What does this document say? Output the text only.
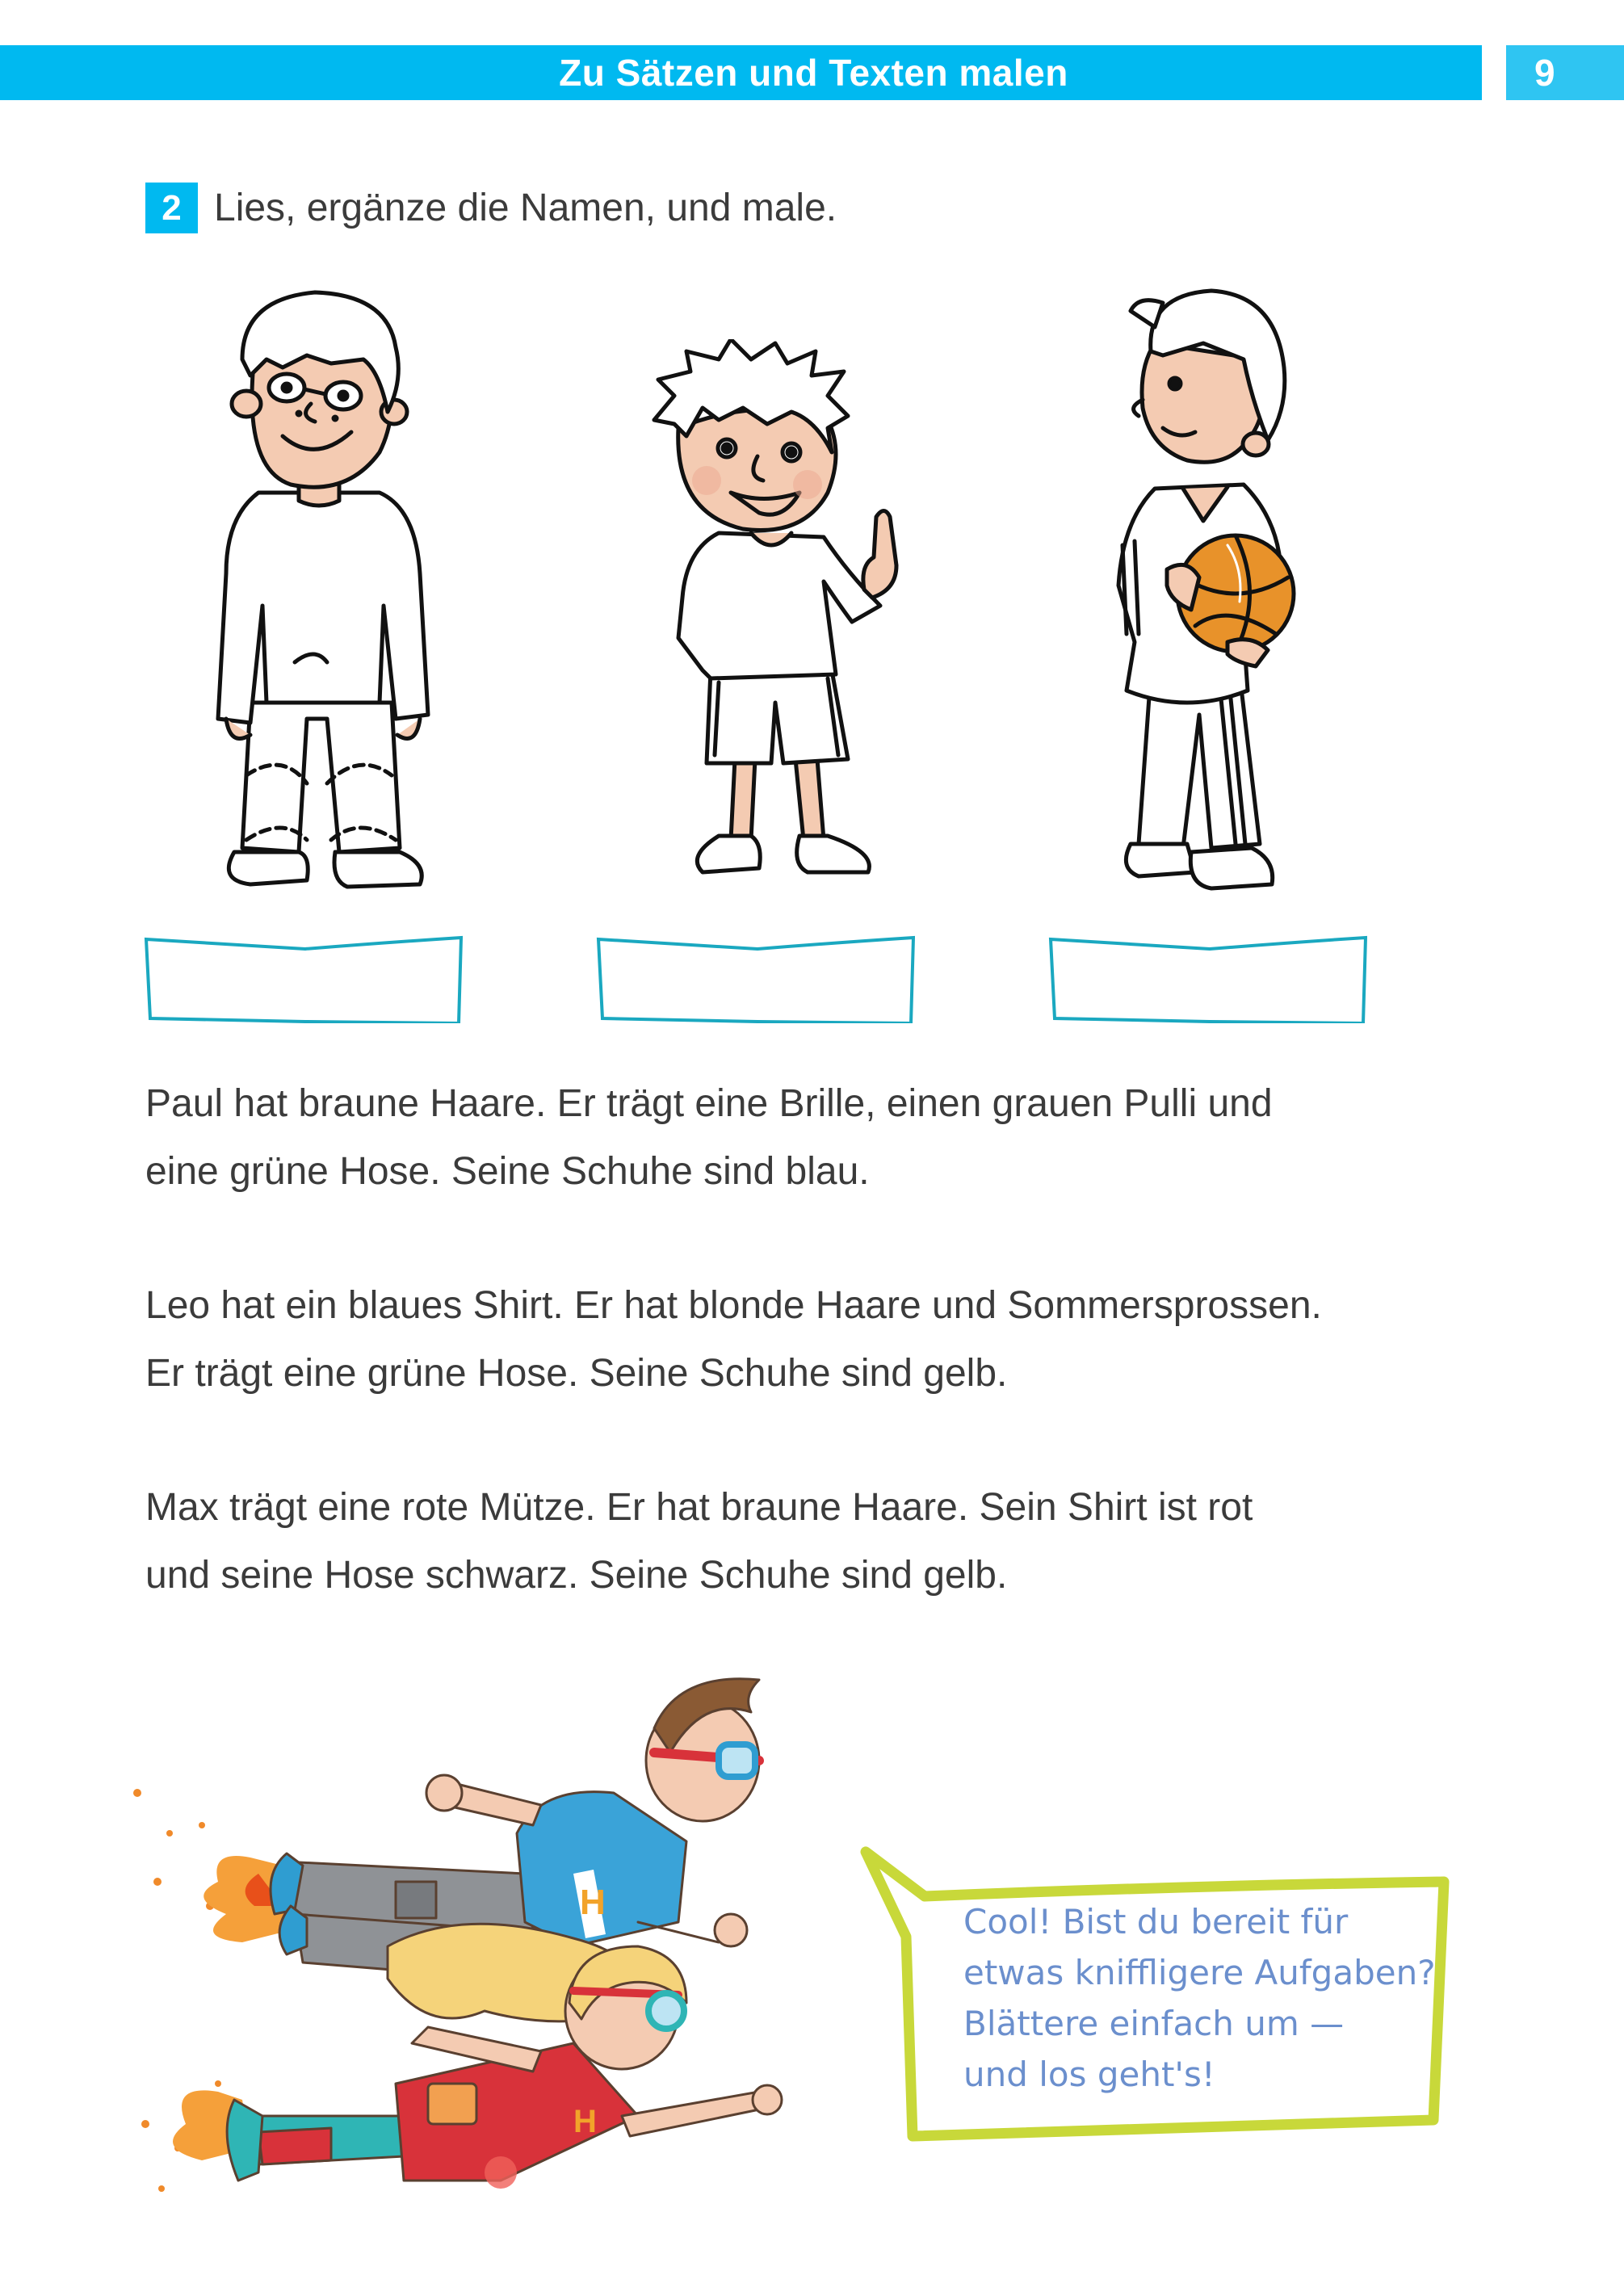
Zu Sätzen und Texten malen	9
2 Lies, ergänze die Namen, und male.
Paul hat braune Haare. Er trägt eine Brille, einen grauen Pulli und
eine grüne Hose. Seine Schuhe sind blau.
Leo hat ein blaues Shirt. Er hat blonde Haare und Sommersprossen.
Er trägt eine grüne Hose. Seine Schuhe sind gelb.
Max trägt eine rote Mütze. Er hat braune Haare. Sein Shirt ist rot
und seine Hose schwarz. Seine Schuhe sind gelb.
H
H
Cool! Bist du bereit für
etwas kniffligere Aufgaben?
Blättere einfach um —
und los geht's!
